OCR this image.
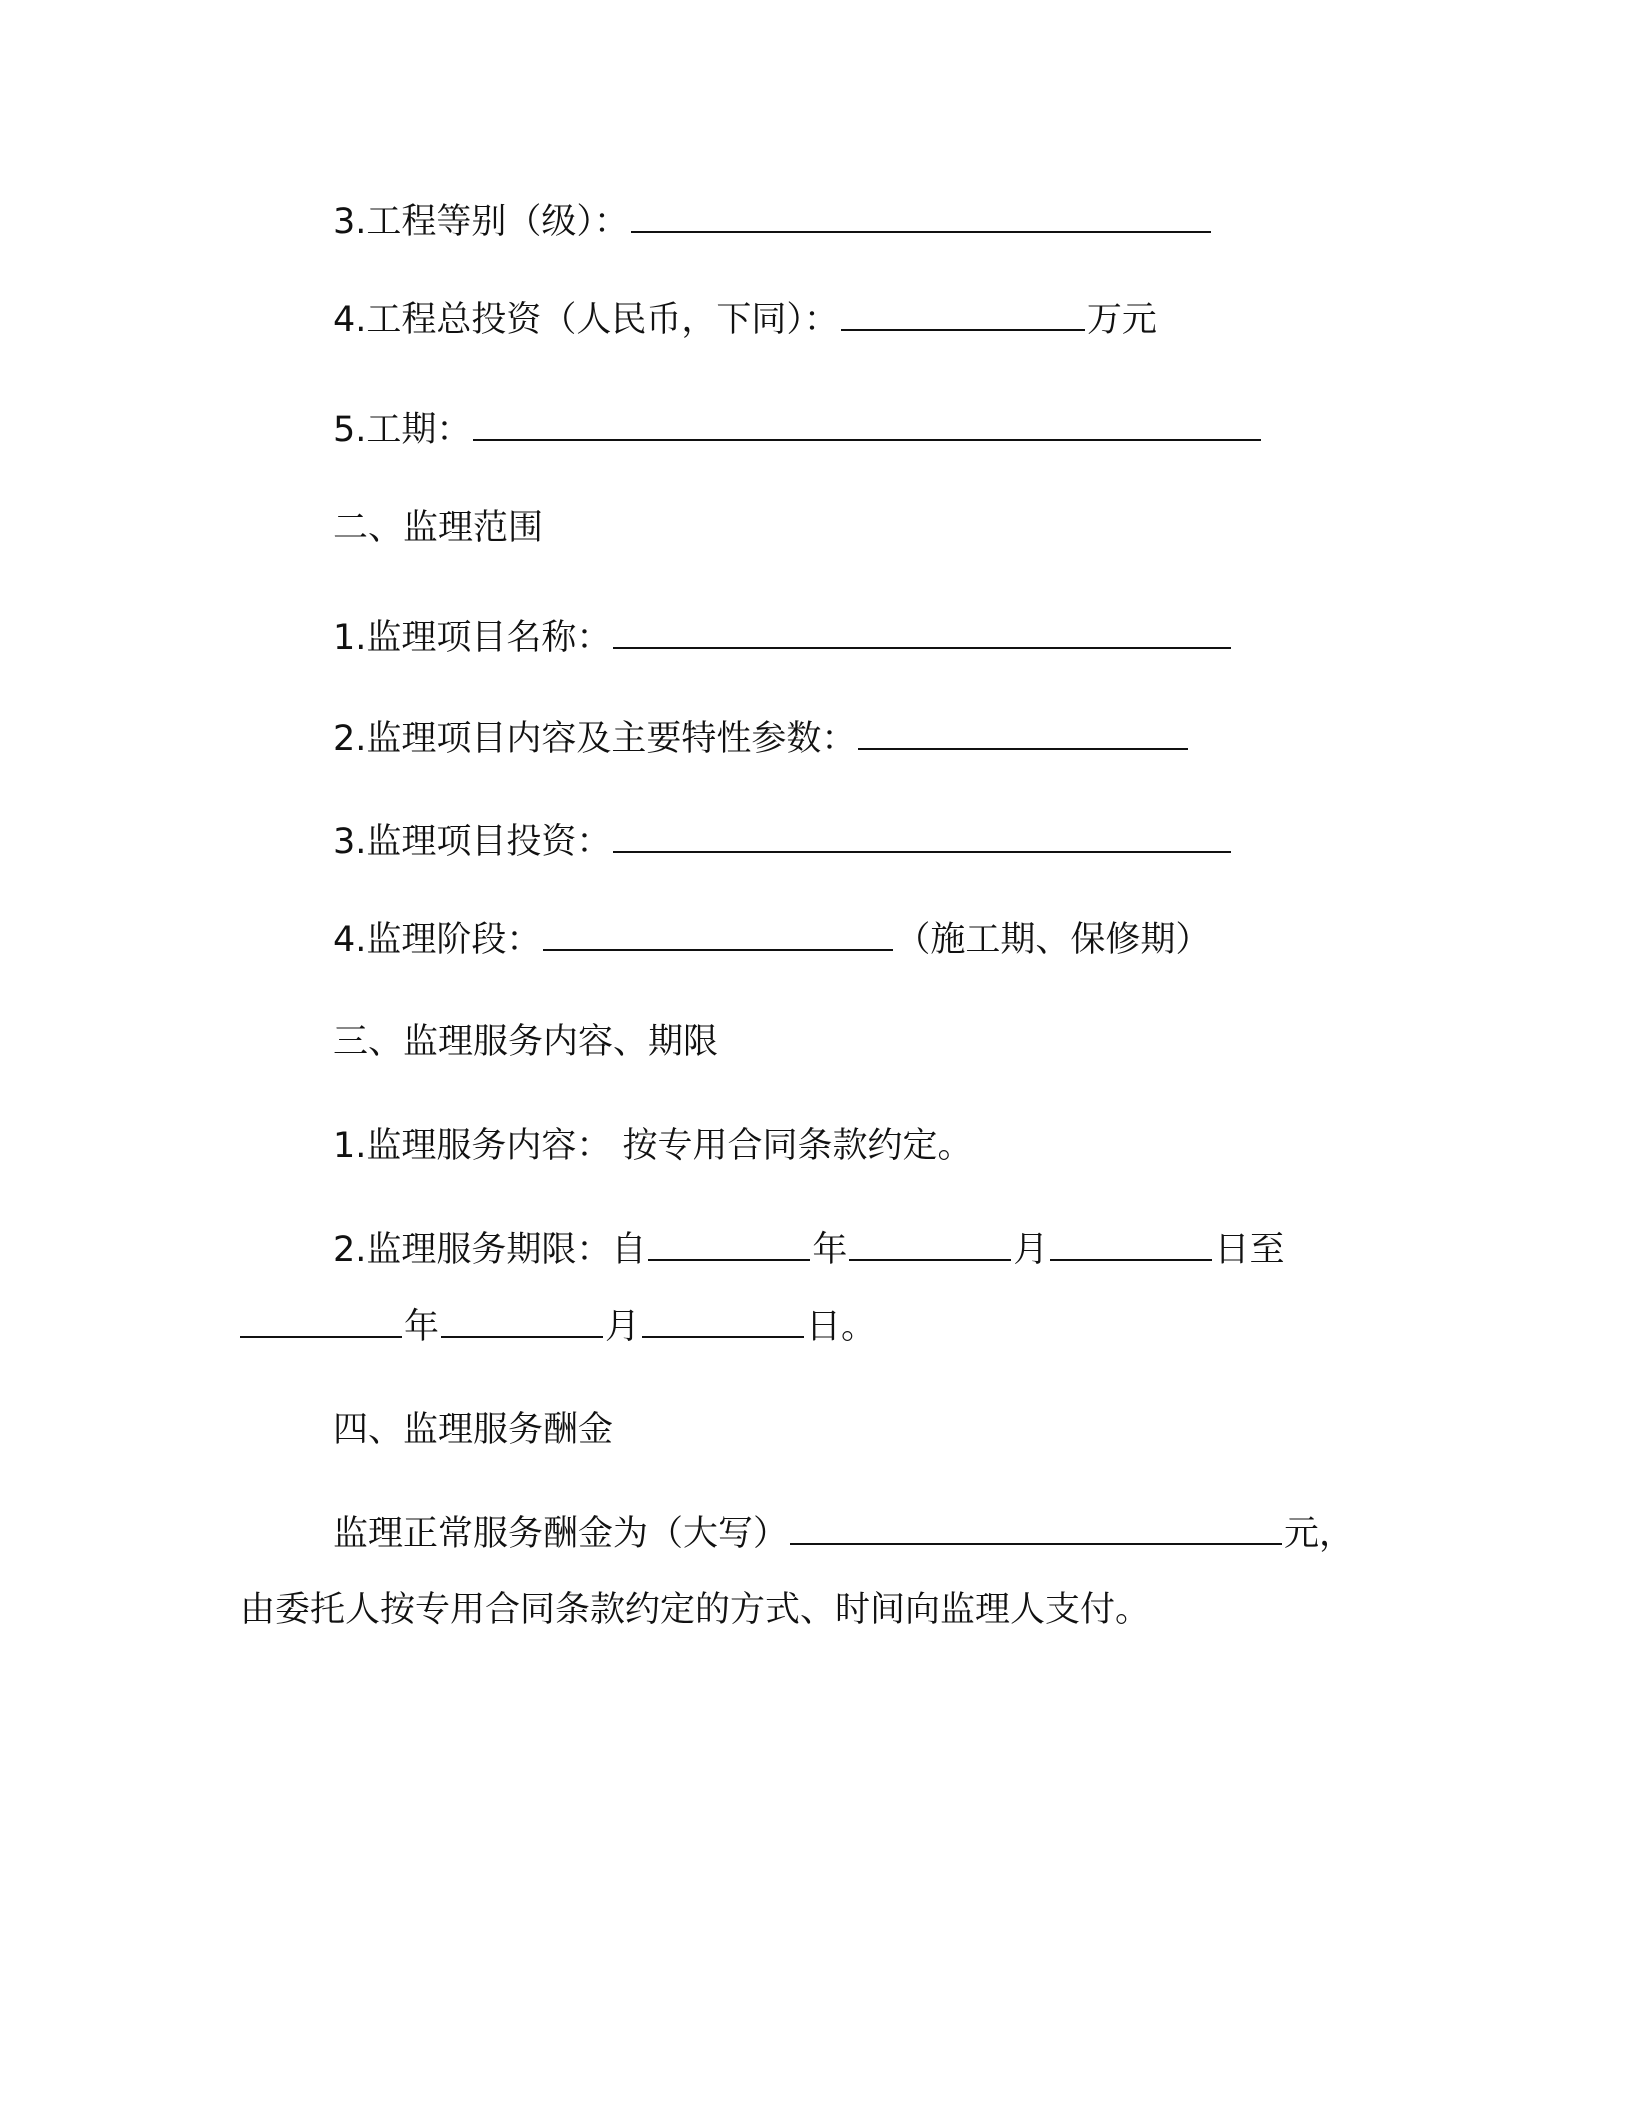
3.工程等别（级）：
4.工程总投资（人民币，下同）：	万元
5.工期：
二、监理范围
1.监理项目名称：
2.监理项目内容及主要特性参数：
3.监理项目投资：
4.监理阶段：	（施工期、保修期）
三、监理服务内容、期限
1.监理服务内容： 按专用合同条款约定。
2.监理服务期限：自	年	月	日至
年	月	日。
四、监理服务酬金
监理正常服务酬金为（大写）	元，
由委托人按专用合同条款约定的方式、时间向监理人支付。
